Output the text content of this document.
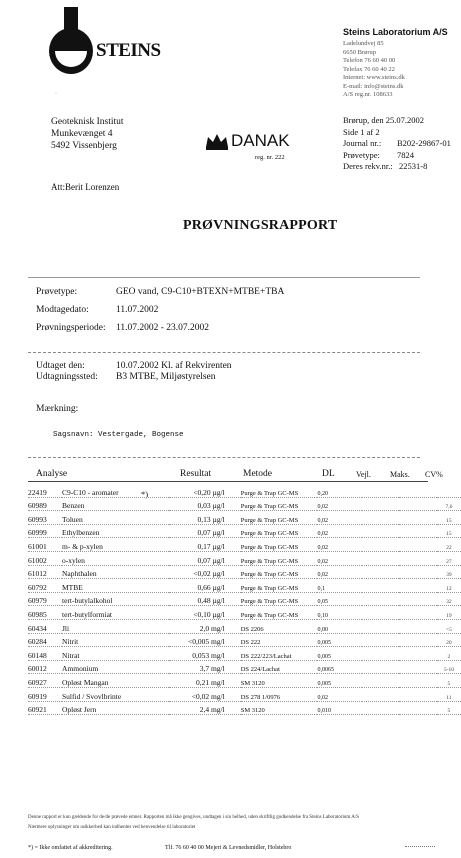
STEINS
Steins Laboratorium A/S
Ladelundvej 85
6650 Brørup
Telefon 76 60 40 00
Telefax 76 60 40 22
Internet: www.steins.dk
E-mail: info@steins.dk
A/S reg.nr. 108633
Geoteknisk Institut
Munkevænget 4
5492 Vissenbjerg
Att:Berit Lorenzen
DANAK
reg. nr. 222
Brørup, den 25.07.2002
Side 1 af 2
Journal nr.: B202-29867-01
Prøvetype: 7824
Deres rekv.nr.: 22531-8
·
PRØVNINGSRAPPORT
Prøvetype:	GEO vand, C9-C10+BTEXN+MTBE+TBA
Modtagedato:	11.07.2002
Prøvningsperiode: 11.07.2002 - 23.07.2002
Udtaget den:	10.07.2002 Kl. af Rekvirenten
Udtagningssted: B3 MTBE, Miljøstyrelsen
Mærkning:
Sagsnavn: Vestergade, Bogense
Analyse	Resultat	Metode	DL	Vejl. Maks. CV%
*)
22419	C9-C10 - aromater	<0,20 µg/l	Purge & Trap GC-MS	0,20			
60989	Benzen	0,03 µg/l	Purge & Trap GC-MS	0,02			7,6
60993	Toluen	0,13 µg/l	Purge & Trap GC-MS	0,02			15
60999	Ethylbenzen	0,07 µg/l	Purge & Trap GC-MS	0,02			15
61001	m- & p-xylen	0,17 µg/l	Purge & Trap GC-MS	0,02			22
61002	o-xylen	0,07 µg/l	Purge & Trap GC-MS	0,02			27
61012	Naphthalen	<0,02 µg/l	Purge & Trap GC-MS	0,02			39
60792	MTBE	0,66 µg/l	Purge & Trap GC-MS	0,1			12
60979	tert-butylalkohol	0,48 µg/l	Purge & Trap GC-MS	0,05			32
60985	tert-butylformiat	<0,10 µg/l	Purge & Trap GC-MS	0,10			19
60434	Jli	2,0 mg/l	DS 2206	0,00			<5
60284	Nitrit	<0,005 mg/l	DS 222	0,005			20
60148	Nitrat	0,053 mg/l	DS 222/223/Lachat	0,005			2
60012	Ammonium	3,7 mg/l	DS 224/Lachat	0,0065			5-10
60927	Opløst Mangan	0,21 mg/l	SM 3120	0,005			5
60919	Sulfid / Svovlbrinte	<0,02 mg/l	DS 278 1/0976	0,02			11
60921	Opløst Jern	2,4 mg/l	SM 3120	0,010			5
Denne rapport er kun gældende for de/de prøvede emner. Rapporten må ikke gengives, undtagen i sin helhed, uden skriftlig godkendelse fra Steins Laboratorium A/S
Nærmere oplysninger om usikkerhed kan indhentes ved henvendelse til laboratoriet
*) = Ikke omfattet af akkreditering.	Tlf. 76 60 40 00 Mejeri & Levnedsmidler, Holstebro
